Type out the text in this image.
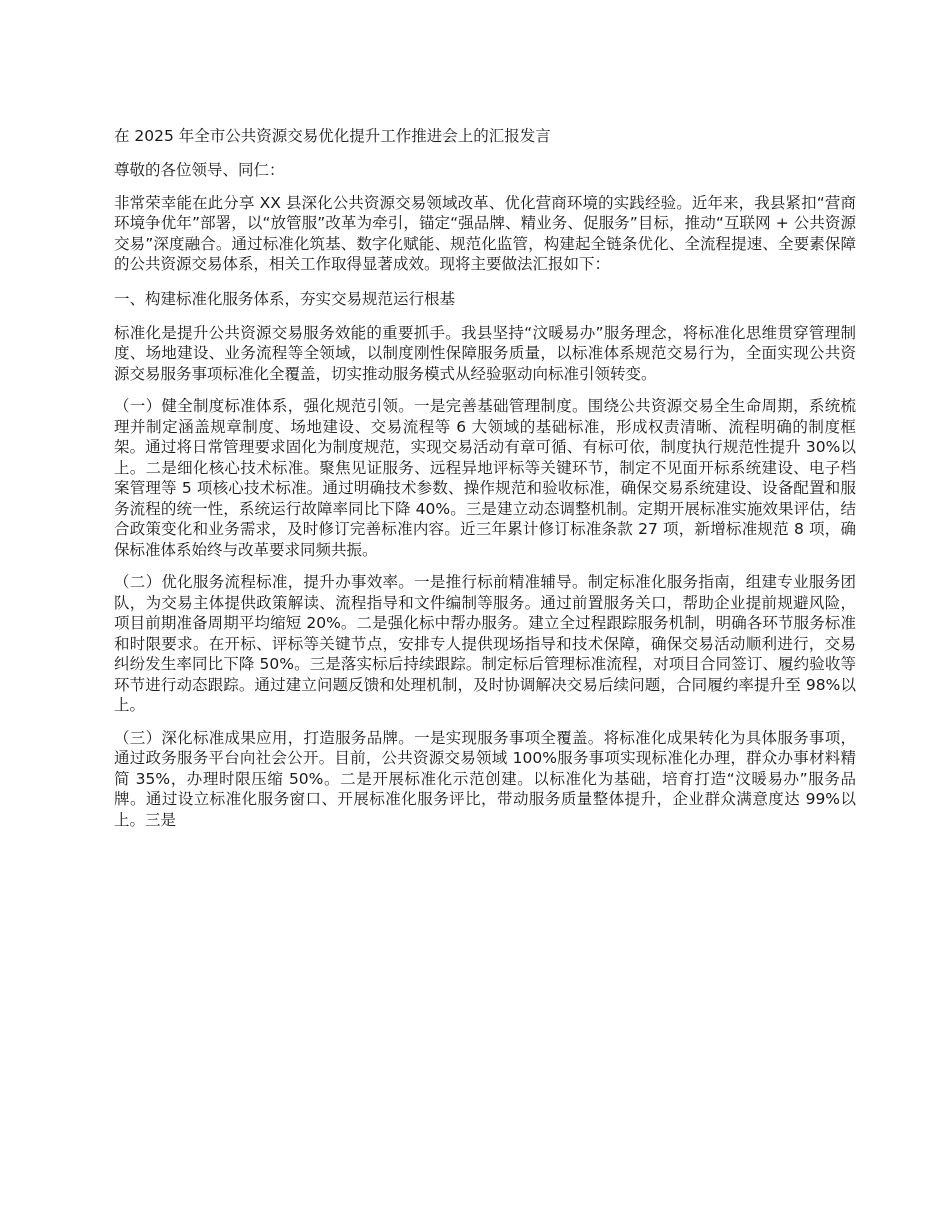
在 2025 年全市公共资源交易优化提升工作推进会上的汇报发言

尊敬的各位领导、同仁：

非常荣幸能在此分享 XX 县深化公共资源交易领域改革、优化营商环境的实践经验。近年来，我县紧扣“营商环境争优年”部署，以“放管服”改革为牵引，锚定“强品牌、精业务、促服务”目标，推动“互联网 + 公共资源交易”深度融合。通过标准化筑基、数字化赋能、规范化监管，构建起全链条优化、全流程提速、全要素保障的公共资源交易体系，相关工作取得显著成效。现将主要做法汇报如下：

一、构建标准化服务体系，夯实交易规范运行根基

标准化是提升公共资源交易服务效能的重要抓手。我县坚持“汶暖易办”服务理念，将标准化思维贯穿管理制度、场地建设、业务流程等全领域，以制度刚性保障服务质量，以标准体系规范交易行为，全面实现公共资源交易服务事项标准化全覆盖，切实推动服务模式从经验驱动向标准引领转变。

（一）健全制度标准体系，强化规范引领。一是完善基础管理制度。围绕公共资源交易全生命周期，系统梳理并制定涵盖规章制度、场地建设、交易流程等 6 大领域的基础标准，形成权责清晰、流程明确的制度框架。通过将日常管理要求固化为制度规范，实现交易活动有章可循、有标可依，制度执行规范性提升 30%以上。二是细化核心技术标准。聚焦见证服务、远程异地评标等关键环节，制定不见面开标系统建设、电子档案管理等 5 项核心技术标准。通过明确技术参数、操作规范和验收标准，确保交易系统建设、设备配置和服务流程的统一性，系统运行故障率同比下降 40%。三是建立动态调整机制。定期开展标准实施效果评估，结合政策变化和业务需求，及时修订完善标准内容。近三年累计修订标准条款 27 项，新增标准规范 8 项，确保标准体系始终与改革要求同频共振。

（二）优化服务流程标准，提升办事效率。一是推行标前精准辅导。制定标准化服务指南，组建专业服务团队，为交易主体提供政策解读、流程指导和文件编制等服务。通过前置服务关口，帮助企业提前规避风险，项目前期准备周期平均缩短 20%。二是强化标中帮办服务。建立全过程跟踪服务机制，明确各环节服务标准和时限要求。在开标、评标等关键节点，安排专人提供现场指导和技术保障，确保交易活动顺利进行，交易纠纷发生率同比下降 50%。三是落实标后持续跟踪。制定标后管理标准流程，对项目合同签订、履约验收等环节进行动态跟踪。通过建立问题反馈和处理机制，及时协调解决交易后续问题，合同履约率提升至 98%以上。

（三）深化标准成果应用，打造服务品牌。一是实现服务事项全覆盖。将标准化成果转化为具体服务事项，通过政务服务平台向社会公开。目前，公共资源交易领域 100%服务事项实现标准化办理，群众办事材料精简 35%，办理时限压缩 50%。二是开展标准化示范创建。以标准化为基础，培育打造“汶暖易办”服务品牌。通过设立标准化服务窗口、开展标准化服务评比，带动服务质量整体提升，企业群众满意度达 99%以上。三是
